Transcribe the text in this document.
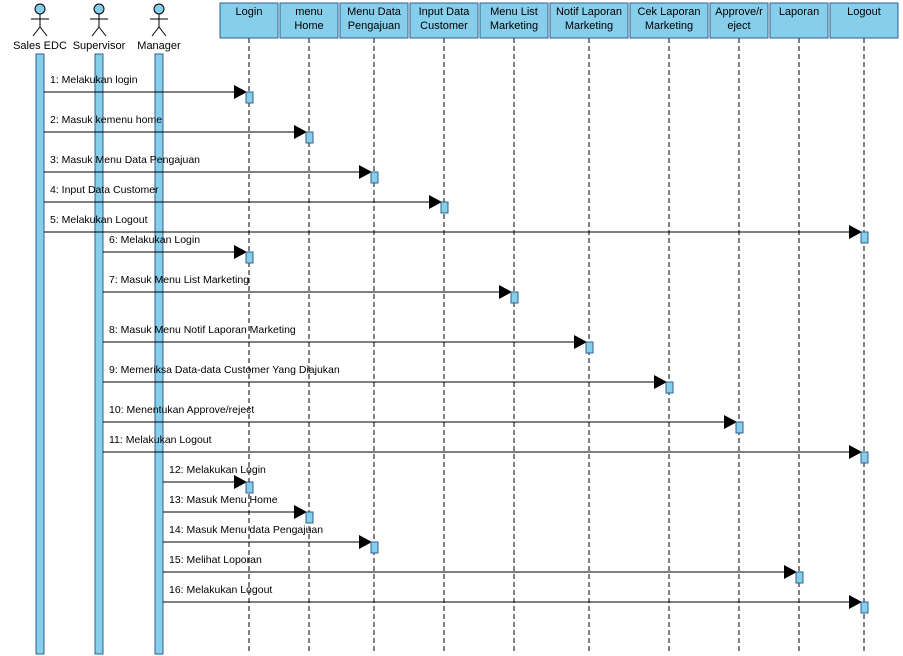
Sales EDC Supervisor Manager
Login	menu
Home
Menu Data
Pengajuan
Input Data
Customer
Menu List
Marketing
Notif Laporan
Marketing
Cek Laporan
Marketing
Approve/r
eject
Laporan	Logout
1: Melakukan login
2: Masuk kemenu home
3: Masuk Menu Data Pengajuan
4: Input Data Customer
5: Melakukan Logout
6: Melakukan Login
7: Masuk Menu List Marketing
8: Masuk Menu Notif Laporan Marketing
9: Memeriksa Data-data Customer Yang Diajukan
10: Menentukan Approve/reject
11: Melakukan Logout
12: Melakukan Login
13: Masuk Menu Home
14: Masuk Menu data Pengajuan
15: Melihat Loporan
16: Melakukan Logout
